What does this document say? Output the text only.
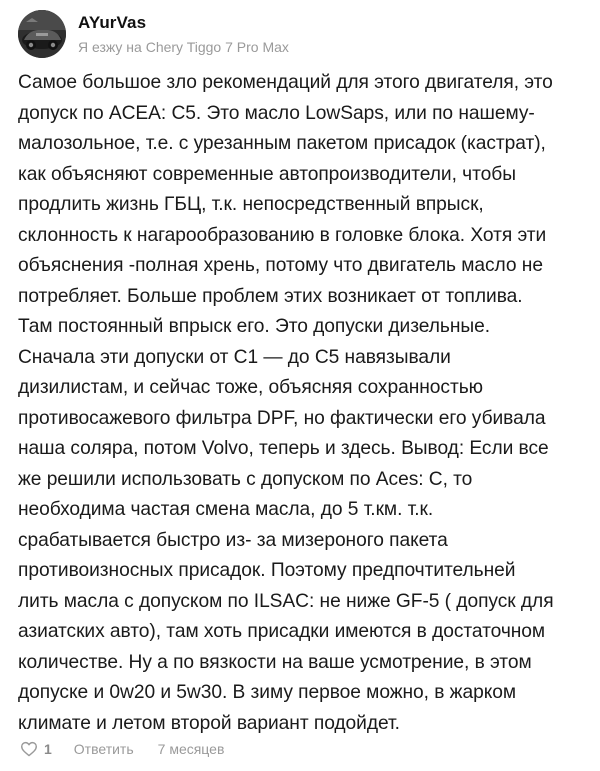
AYurVas
Я езжу на Chery Tiggo 7 Pro Max
Самое большое зло рекомендаций для этого двигателя, это
допуск по ACEA: C5. Это масло LowSaps, или по нашему-
малозольное, т.е. с урезанным пакетом присадок (кастрат),
как объясняют современные автопроизводители, чтобы
продлить жизнь ГБЦ, т.к. непосредственный впрыск,
склонность к нагарообразованию в головке блока. Хотя эти
объяснения -полная хрень, потому что двигатель масло не
потребляет. Больше проблем этих возникает от топлива.
Там постоянный впрыск его. Это допуски дизельные.
Сначала эти допуски от C1 — до C5 навязывали
дизилистам, и сейчас тоже, объясняя сохранностью
противосажевого фильтра DPF, но фактически его убивала
наша соляра, потом Volvo, теперь и здесь. Вывод: Если все
же решили использовать с допуском по Aces: C, то
необходима частая смена масла, до 5 т.км. т.к.
срабатывается быстро из- за мизероного пакета
противоизносных присадок. Поэтому предпочтительней
лить масла с допуском по ILSAC: не ниже GF-5 ( допуск для
азиатских авто), там хоть присадки имеются в достаточном
количестве. Ну а по вязкости на ваше усмотрение, в этом
допуске и 0w20 и 5w30. В зиму первое можно, в жарком
климате и летом второй вариант подойдет.
1 Ответить 7 месяцев
